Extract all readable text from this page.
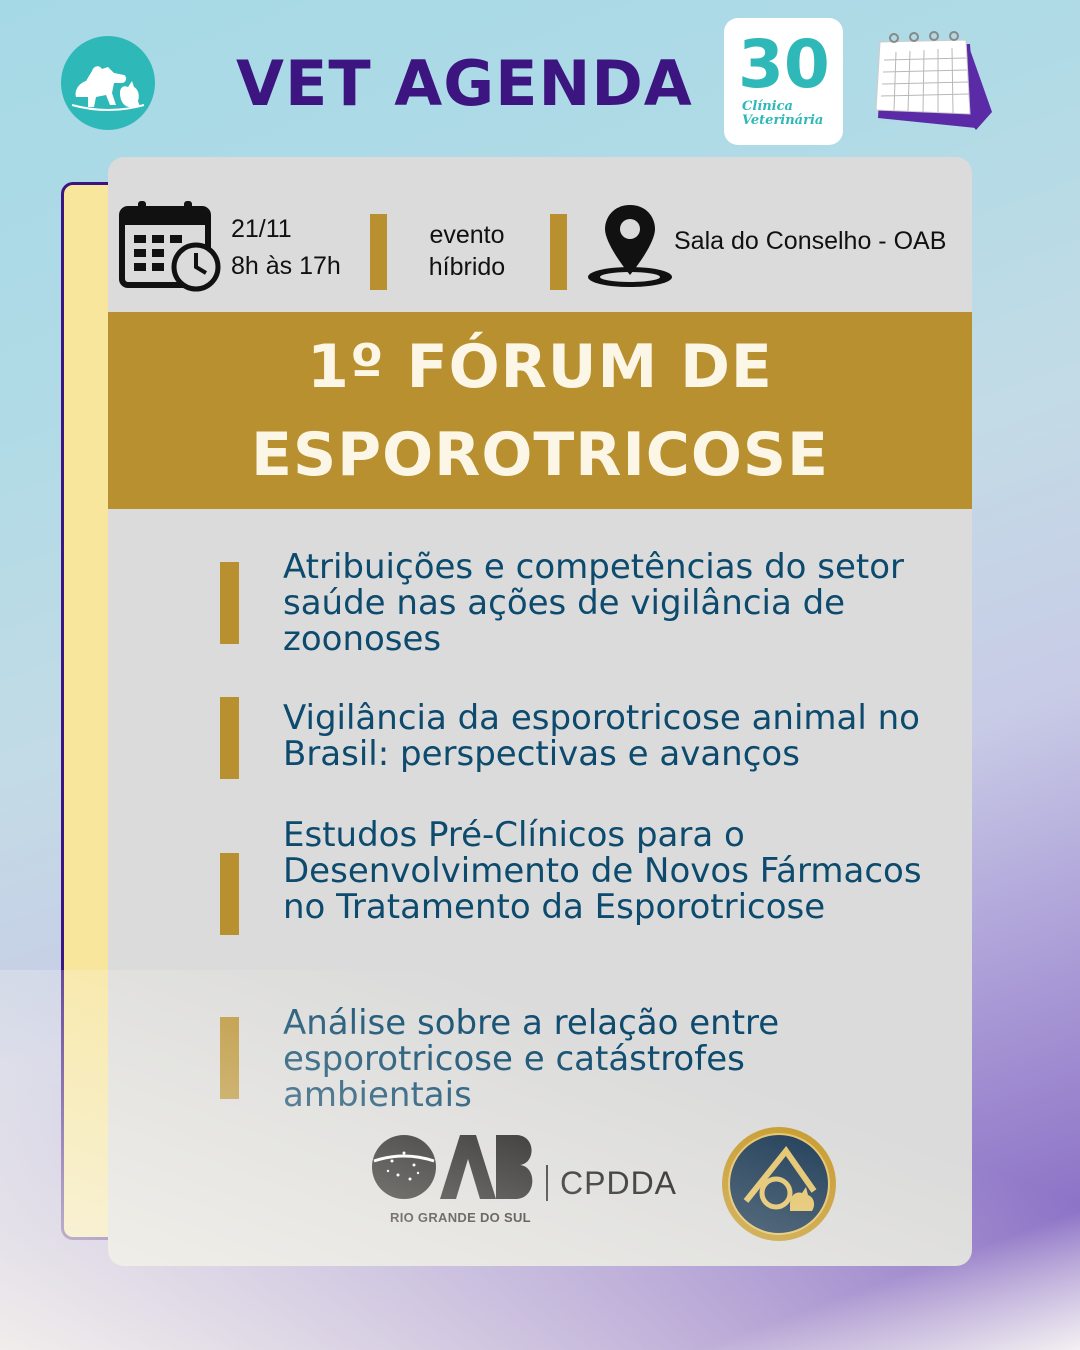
VET AGENDA 30
Clínica
Veterinária
21/11
8h às 17h
evento
híbrido
Sala do Conselho - OAB
1º FÓRUM DE
ESPOROTRICOSE

Atribuições e competências do setor saúde nas ações de vigilância de zoonoses

Vigilância da esporotricose animal no Brasil: perspectivas e avanços

Estudos Pré-Clínicos para o Desenvolvimento de Novos Fármacos no Tratamento da Esporotricose

Análise sobre a relação entre esporotricose e catástrofes ambientais

RIO GRANDE DO SUL
CPDDA
